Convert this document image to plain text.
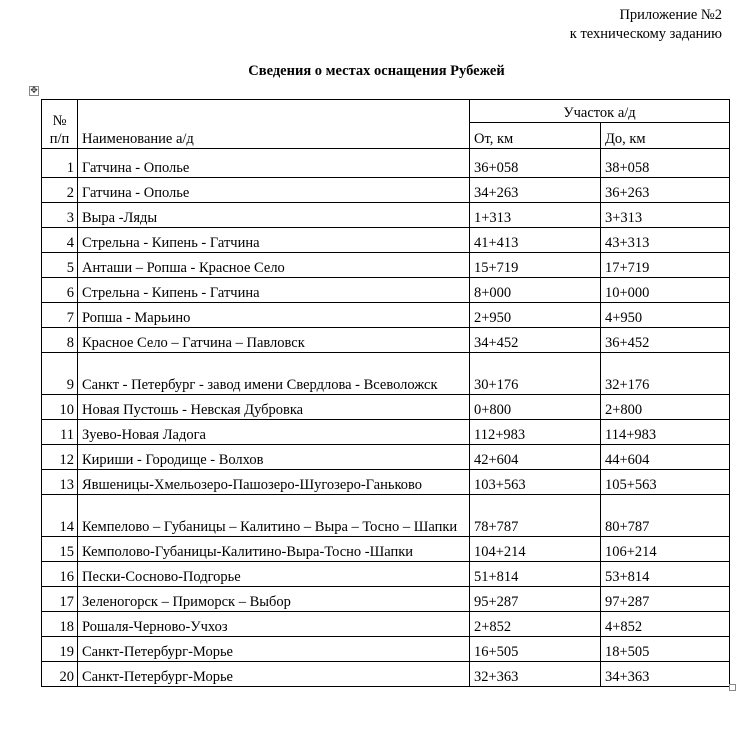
Приложение №2
к техническому заданию
Сведения о местах оснащения Рубежей
✥
№
п/п	Наименование а/д	Участок а/д	
		От, км	До, км
1	Гатчина - Ополье	36+058	38+058
2	Гатчина - Ополье	34+263	36+263
3	Выра -Ляды	1+313	3+313
4	Стрельна - Кипень - Гатчина	41+413	43+313
5	Анташи – Ропша - Красное Село	15+719	17+719
6	Стрельна - Кипень - Гатчина	8+000	10+000
7	Ропша - Марьино	2+950	4+950
8	Красное Село – Гатчина – Павловск	34+452	36+452
9	Санкт - Петербург - завод имени Свердлова - Всеволожск	30+176	32+176
10	Новая Пустошь - Невская Дубровка	0+800	2+800
11	Зуево-Новая Ладога	112+983	114+983
12	Кириши - Городище - Волхов	42+604	44+604
13	Явшеницы-Хмельозеро-Пашозеро-Шугозеро-Ганьково	103+563	105+563
14	Кемпелово – Губаницы – Калитино – Выра – Тосно – Шапки	78+787	80+787
15	Кемполово-Губаницы-Калитино-Выра-Тосно -Шапки	104+214	106+214
16	Пески-Сосново-Подгорье	51+814	53+814
17	Зеленогорск – Приморск – Выбор	95+287	97+287
18	Рошаля-Черново-Учхоз	2+852	4+852
19	Санкт-Петербург-Морье	16+505	18+505
20	Санкт-Петербург-Морье	32+363	34+363
